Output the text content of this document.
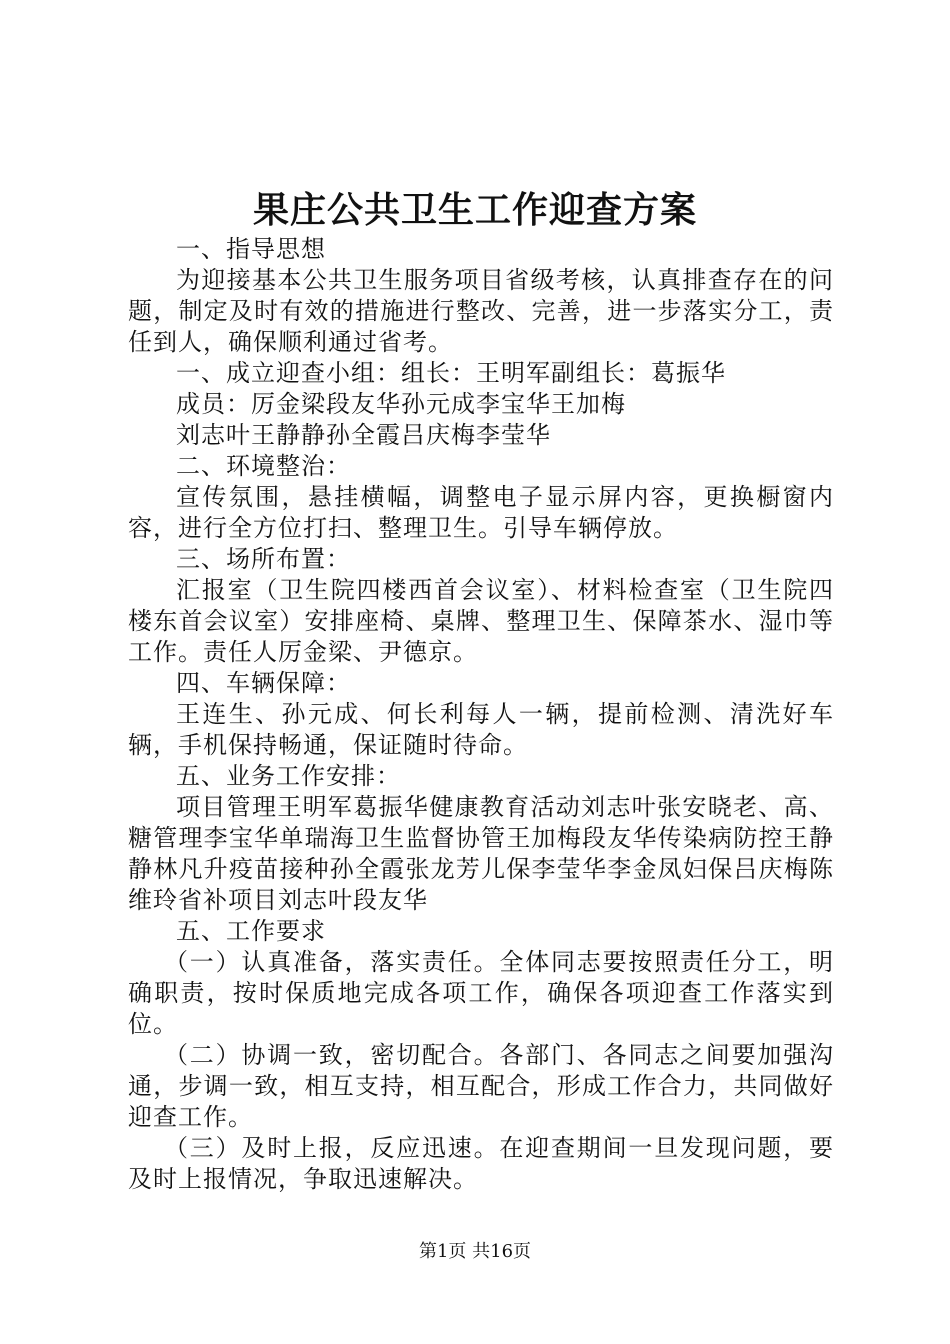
果庄公共卫生工作迎查方案

一、指导思想

为迎接基本公共卫生服务项目省级考核，认真排查存在的问题，制定及时有效的措施进行整改、完善，进一步落实分工，责任到人，确保顺利通过省考。

一、成立迎查小组：组长：王明军副组长：葛振华

成员：厉金梁段友华孙元成李宝华王加梅

刘志叶王静静孙全霞吕庆梅李莹华

二、环境整治：

宣传氛围，悬挂横幅，调整电子显示屏内容，更换橱窗内容，进行全方位打扫、整理卫生。引导车辆停放。

三、场所布置：

汇报室（卫生院四楼西首会议室）、材料检查室（卫生院四楼东首会议室）安排座椅、桌牌、整理卫生、保障茶水、湿巾等工作。责任人厉金梁、尹德京。

四、车辆保障：

王连生、孙元成、何长利每人一辆，提前检测、清洗好车辆，手机保持畅通，保证随时待命。

五、业务工作安排：

项目管理王明军葛振华健康教育活动刘志叶张安晓老、高、糖管理李宝华单瑞海卫生监督协管王加梅段友华传染病防控王静静林凡升疫苗接种孙全霞张龙芳儿保李莹华李金凤妇保吕庆梅陈维玲省补项目刘志叶段友华

五、工作要求

（一）认真准备，落实责任。全体同志要按照责任分工，明确职责，按时保质地完成各项工作，确保各项迎查工作落实到位。

（二）协调一致，密切配合。各部门、各同志之间要加强沟通，步调一致，相互支持，相互配合，形成工作合力，共同做好迎查工作。

（三）及时上报，反应迅速。在迎查期间一旦发现问题，要及时上报情况，争取迅速解决。

第1页 共16页
